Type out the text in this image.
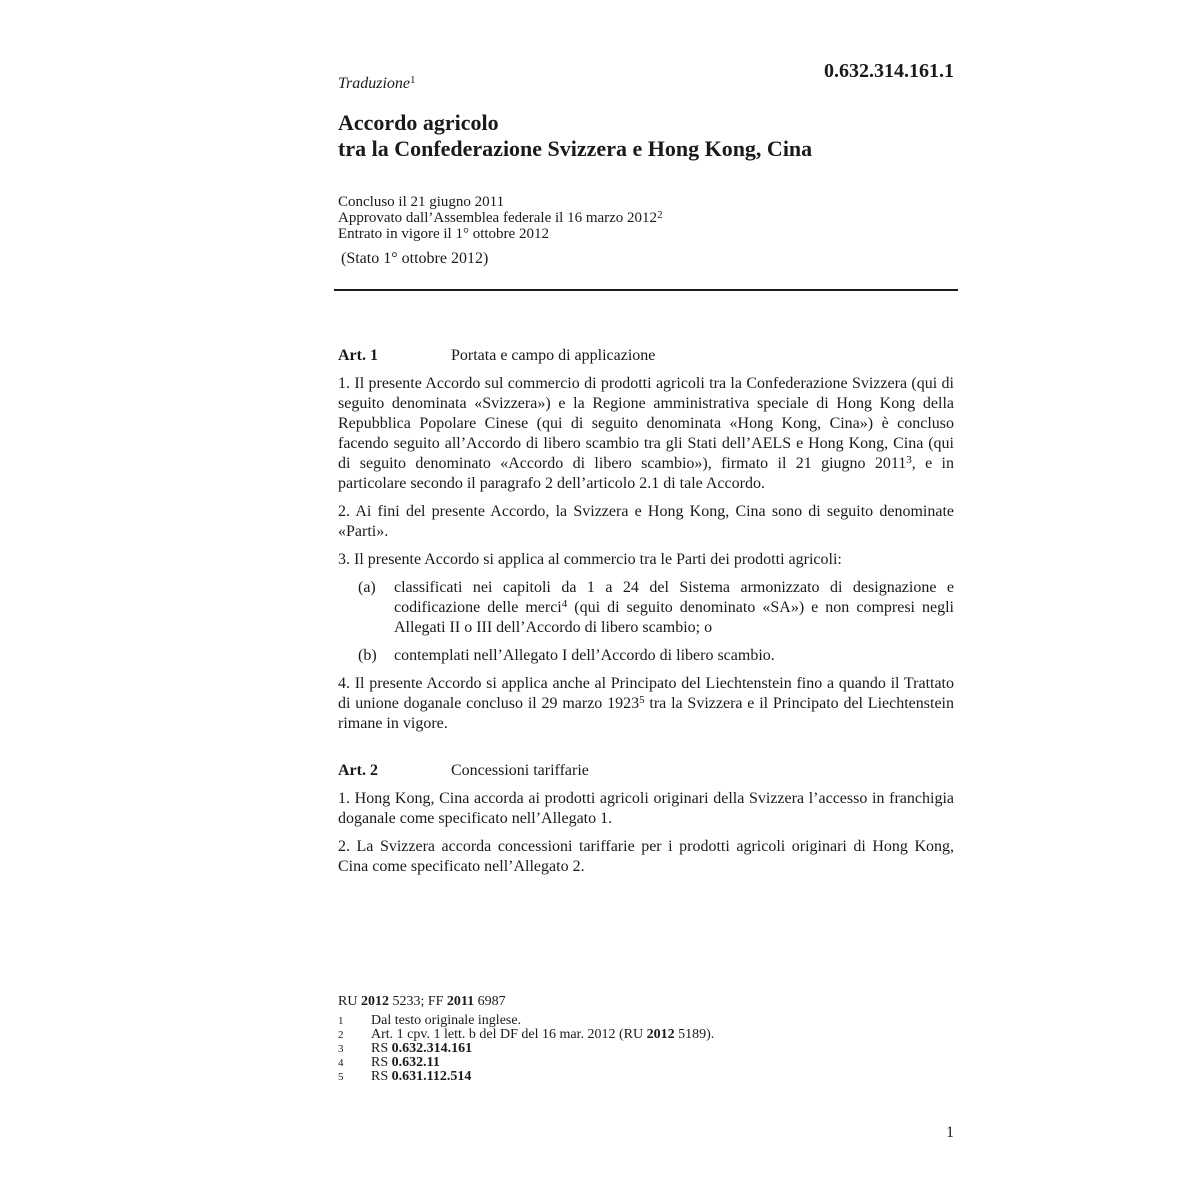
0.632.314.161.1
Traduzione$^1$
Accordo agricolo
tra la Confederazione Svizzera e Hong Kong, Cina
Concluso il 21 giugno 2011
Approvato dall’Assemblea federale il 16 marzo 2012$^2$
Entrato in vigore il 1° ottobre 2012
(Stato 1° ottobre 2012)
Art. 1	Portata e campo di applicazione

1. Il presente Accordo sul commercio di prodotti agricoli tra la Confederazione Svizzera (qui di seguito denominata «Svizzera») e la Regione amministrativa speciale di Hong Kong della Repubblica Popolare Cinese (qui di seguito denominata «Hong Kong, Cina») è concluso facendo seguito all’Accordo di libero scambio tra gli Stati dell’AELS e Hong Kong, Cina (qui di seguito denominato «Accordo di libero scambio»), firmato il 21 giugno 2011$^3$, e in particolare secondo il paragrafo 2 dell’articolo 2.1 di tale Accordo.

2. Ai fini del presente Accordo, la Svizzera e Hong Kong, Cina sono di seguito denominate «Parti».

3. Il presente Accordo si applica al commercio tra le Parti dei prodotti agricoli:

(a)	classificati nei capitoli da 1 a 24 del Sistema armonizzato di designazione e codificazione delle merci$^4$ (qui di seguito denominato «SA») e non compresi negli Allegati II o III dell’Accordo di libero scambio; o
(b)	contemplati nell’Allegato I dell’Accordo di libero scambio.

4. Il presente Accordo si applica anche al Principato del Liechtenstein fino a quando il Trattato di unione doganale concluso il 29 marzo 1923$^5$ tra la Svizzera e il Principato del Liechtenstein rimane in vigore.

Art. 2	Concessioni tariffarie

1. Hong Kong, Cina accorda ai prodotti agricoli originari della Svizzera l’accesso in franchigia doganale come specificato nell’Allegato 1.

2. La Svizzera accorda concessioni tariffarie per i prodotti agricoli originari di Hong Kong, Cina come specificato nell’Allegato 2.

RU 2012 5233; FF 2011 6987
1	Dal testo originale inglese.
2	Art. 1 cpv. 1 lett. b del DF del 16 mar. 2012 (RU 2012 5189).
3	RS 0.632.314.161
4	RS 0.632.11
5	RS 0.631.112.514
1
